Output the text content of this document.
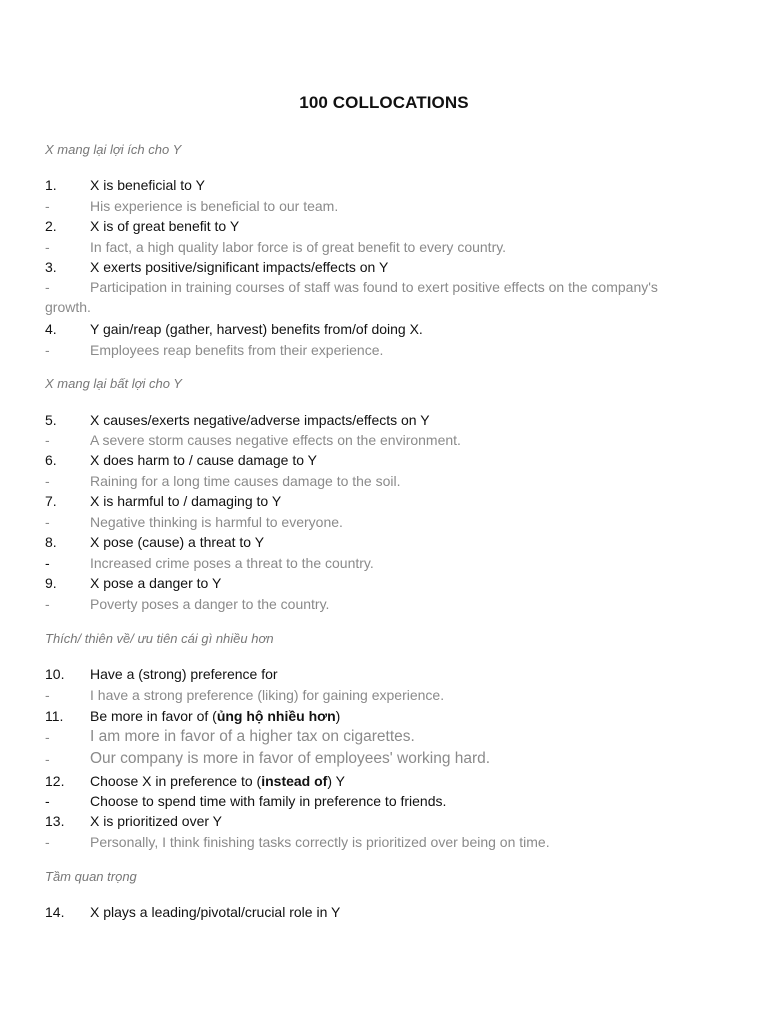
100 COLLOCATIONS
X mang lại lợi ích cho Y
1. X is beneficial to Y
-	His experience is beneficial to our team.
2. X is of great benefit to Y
-	In fact, a high quality labor force is of great benefit to every country.
3. X exerts positive/significant impacts/effects on Y
-	Participation in training courses of staff was found to exert positive effects on the company's
growth.
4. Y gain/reap (gather, harvest) benefits from/of doing X.
-	Employees reap benefits from their experience.
X mang lại bất lợi cho Y
5. X causes/exerts negative/adverse impacts/effects on Y
-	A severe storm causes negative effects on the environment.
6. X does harm to / cause damage to Y
-	Raining for a long time causes damage to the soil.
7. X is harmful to / damaging to Y
-	Negative thinking is harmful to everyone.
8. X pose (cause) a threat to Y
-	Increased crime poses a threat to the country.
9. X pose a danger to Y
-	Poverty poses a danger to the country.
Thích/ thiên về/ ưu tiên cái gì nhiều hơn
10. Have a (strong) preference for
-	I have a strong preference (liking) for gaining experience.
11. Be more in favor of (ủng hộ nhiều hơn)
-	I am more in favor of a higher tax on cigarettes.
-	Our company is more in favor of employees' working hard.
12. Choose X in preference to (instead of) Y
-	Choose to spend time with family in preference to friends.
13. X is prioritized over Y
-	Personally, I think finishing tasks correctly is prioritized over being on time.
Tầm quan trọng
14. X plays a leading/pivotal/crucial role in Y
